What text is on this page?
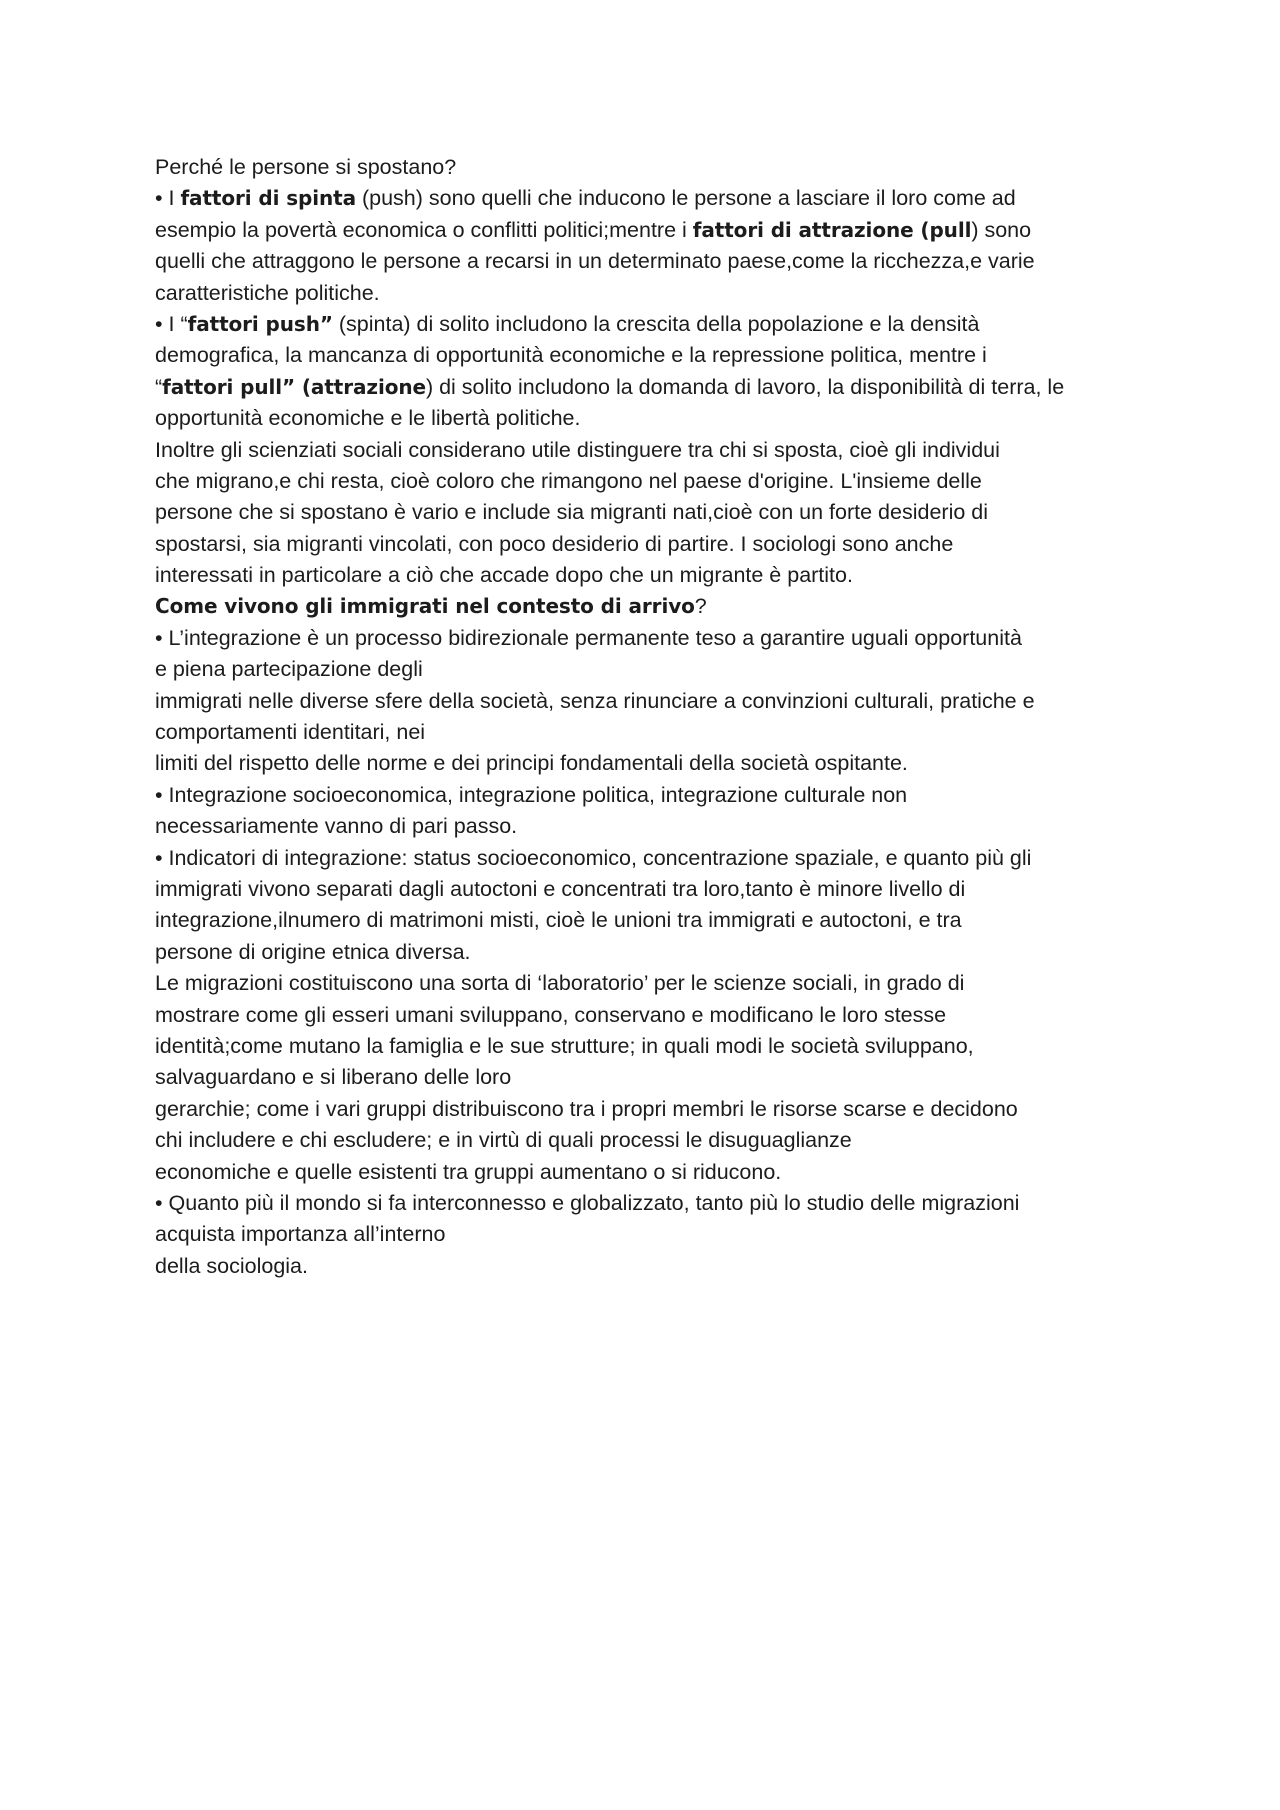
Perché le persone si spostano?
• I fattori di spinta (push) sono quelli che inducono le persone a lasciare il loro come ad
esempio la povertà economica o conflitti politici;mentre i fattori di attrazione (pull) sono
quelli che attraggono le persone a recarsi in un determinato paese,come la ricchezza,e varie
caratteristiche politiche.
• I “fattori push” (spinta) di solito includono la crescita della popolazione e la densità
demografica, la mancanza di opportunità economiche e la repressione politica, mentre i
“fattori pull” (attrazione) di solito includono la domanda di lavoro, la disponibilità di terra, le
opportunità economiche e le libertà politiche.
Inoltre gli scienziati sociali considerano utile distinguere tra chi si sposta, cioè gli individui
che migrano,e chi resta, cioè coloro che rimangono nel paese d'origine. L'insieme delle
persone che si spostano è vario e include sia migranti nati,cioè con un forte desiderio di
spostarsi, sia migranti vincolati, con poco desiderio di partire. I sociologi sono anche
interessati in particolare a ciò che accade dopo che un migrante è partito.
Come vivono gli immigrati nel contesto di arrivo?
• L’integrazione è un processo bidirezionale permanente teso a garantire uguali opportunità
e piena partecipazione degli
immigrati nelle diverse sfere della società, senza rinunciare a convinzioni culturali, pratiche e
comportamenti identitari, nei
limiti del rispetto delle norme e dei principi fondamentali della società ospitante.
• Integrazione socioeconomica, integrazione politica, integrazione culturale non
necessariamente vanno di pari passo.
• Indicatori di integrazione: status socioeconomico, concentrazione spaziale, e quanto più gli
immigrati vivono separati dagli autoctoni e concentrati tra loro,tanto è minore livello di
integrazione,ilnumero di matrimoni misti, cioè le unioni tra immigrati e autoctoni, e tra
persone di origine etnica diversa.
Le migrazioni costituiscono una sorta di ‘laboratorio’ per le scienze sociali, in grado di
mostrare come gli esseri umani sviluppano, conservano e modificano le loro stesse
identità;come mutano la famiglia e le sue strutture; in quali modi le società sviluppano,
salvaguardano e si liberano delle loro
gerarchie; come i vari gruppi distribuiscono tra i propri membri le risorse scarse e decidono
chi includere e chi escludere; e in virtù di quali processi le disuguaglianze
economiche e quelle esistenti tra gruppi aumentano o si riducono.
• Quanto più il mondo si fa interconnesso e globalizzato, tanto più lo studio delle migrazioni
acquista importanza all’interno
della sociologia.
